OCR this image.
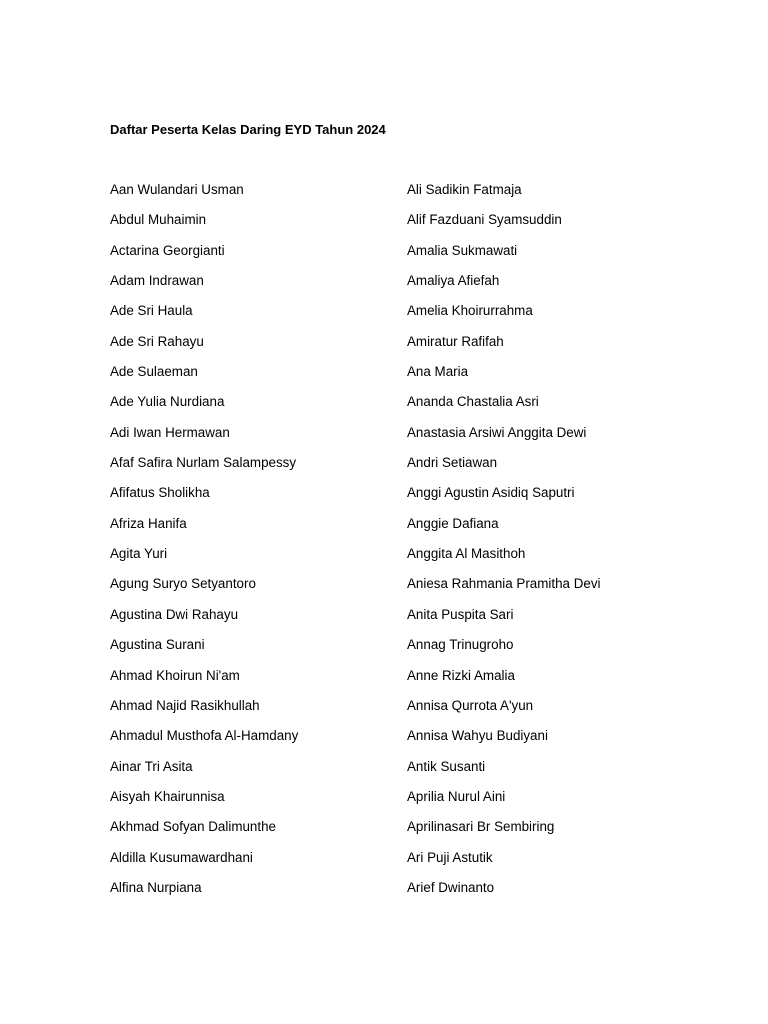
Daftar Peserta Kelas Daring EYD Tahun 2024
Aan Wulandari Usman
Abdul Muhaimin
Actarina Georgianti
Adam Indrawan
Ade Sri Haula
Ade Sri Rahayu
Ade Sulaeman
Ade Yulia Nurdiana
Adi Iwan Hermawan
Afaf Safira Nurlam Salampessy
Afifatus Sholikha
Afriza Hanifa
Agita Yuri
Agung Suryo Setyantoro
Agustina Dwi Rahayu
Agustina Surani
Ahmad Khoirun Ni'am
Ahmad Najid Rasikhullah
Ahmadul Musthofa Al-Hamdany
Ainar Tri Asita
Aisyah Khairunnisa
Akhmad Sofyan Dalimunthe
Aldilla Kusumawardhani
Alfina Nurpiana
Ali Sadikin Fatmaja
Alif Fazduani Syamsuddin
Amalia Sukmawati
Amaliya Afiefah
Amelia Khoirurrahma
Amiratur Rafifah
Ana Maria
Ananda Chastalia Asri
Anastasia Arsiwi Anggita Dewi
Andri Setiawan
Anggi Agustin Asidiq Saputri
Anggie Dafiana
Anggita Al Masithoh
Aniesa Rahmania Pramitha Devi
Anita Puspita Sari
Annag Trinugroho
Anne Rizki Amalia
Annisa Qurrota A'yun
Annisa Wahyu Budiyani
Antik Susanti
Aprilia Nurul Aini
Aprilinasari Br Sembiring
Ari Puji Astutik
Arief Dwinanto
